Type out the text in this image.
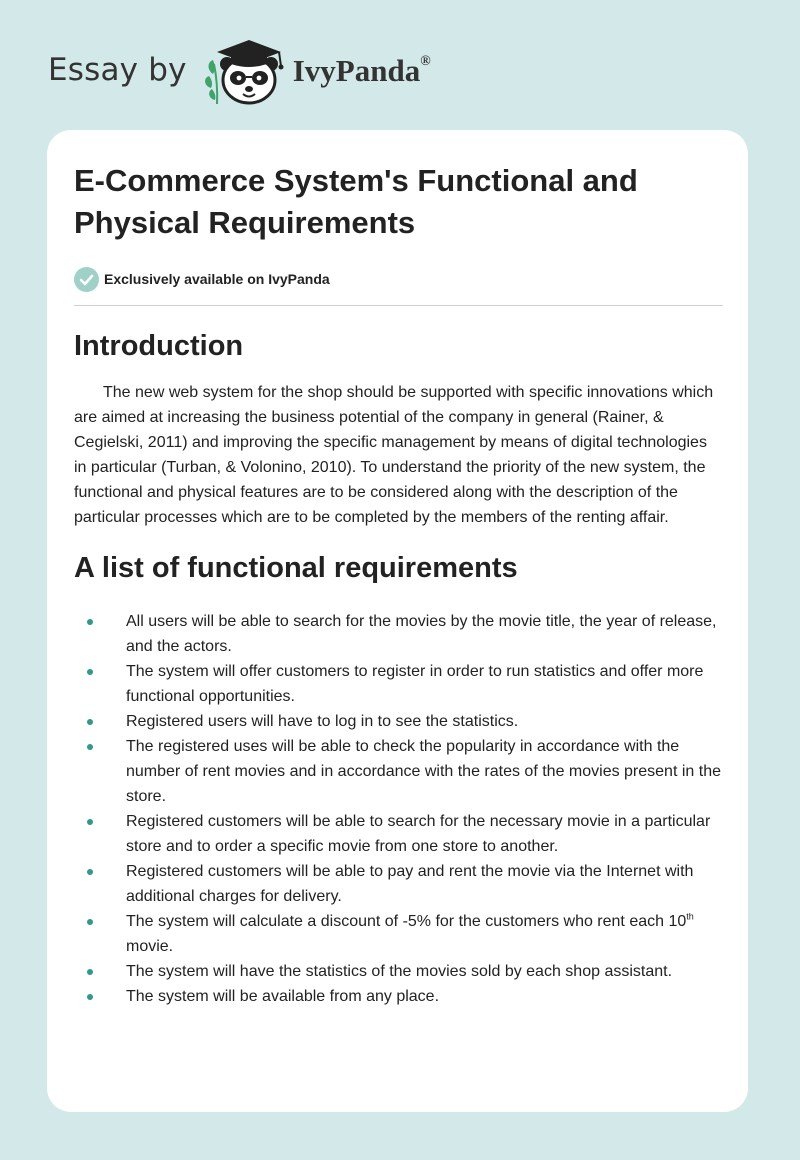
Essay by	IvyPanda®
E-Commerce System's Functional and Physical Requirements
Exclusively available on IvyPanda
Introduction

The new web system for the shop should be supported with specific innovations which are aimed at increasing the business potential of the company in general (Rainer, & Cegielski, 2011) and improving the specific management by means of digital technologies in particular (Turban, & Volonino, 2010). To understand the priority of the new system, the functional and physical features are to be considered along with the description of the particular processes which are to be completed by the members of the renting affair.

A list of functional requirements
All users will be able to search for the movies by the movie title, the year of release, and the actors.
The system will offer customers to register in order to run statistics and offer more functional opportunities.
Registered users will have to log in to see the statistics.
The registered uses will be able to check the popularity in accordance with the number of rent movies and in accordance with the rates of the movies present in the store.
Registered customers will be able to search for the necessary movie in a particular store and to order a specific movie from one store to another.
Registered customers will be able to pay and rent the movie via the Internet with additional charges for delivery.
The system will calculate a discount of -5% for the customers who rent each 10th movie.
The system will have the statistics of the movies sold by each shop assistant.
The system will be available from any place.
